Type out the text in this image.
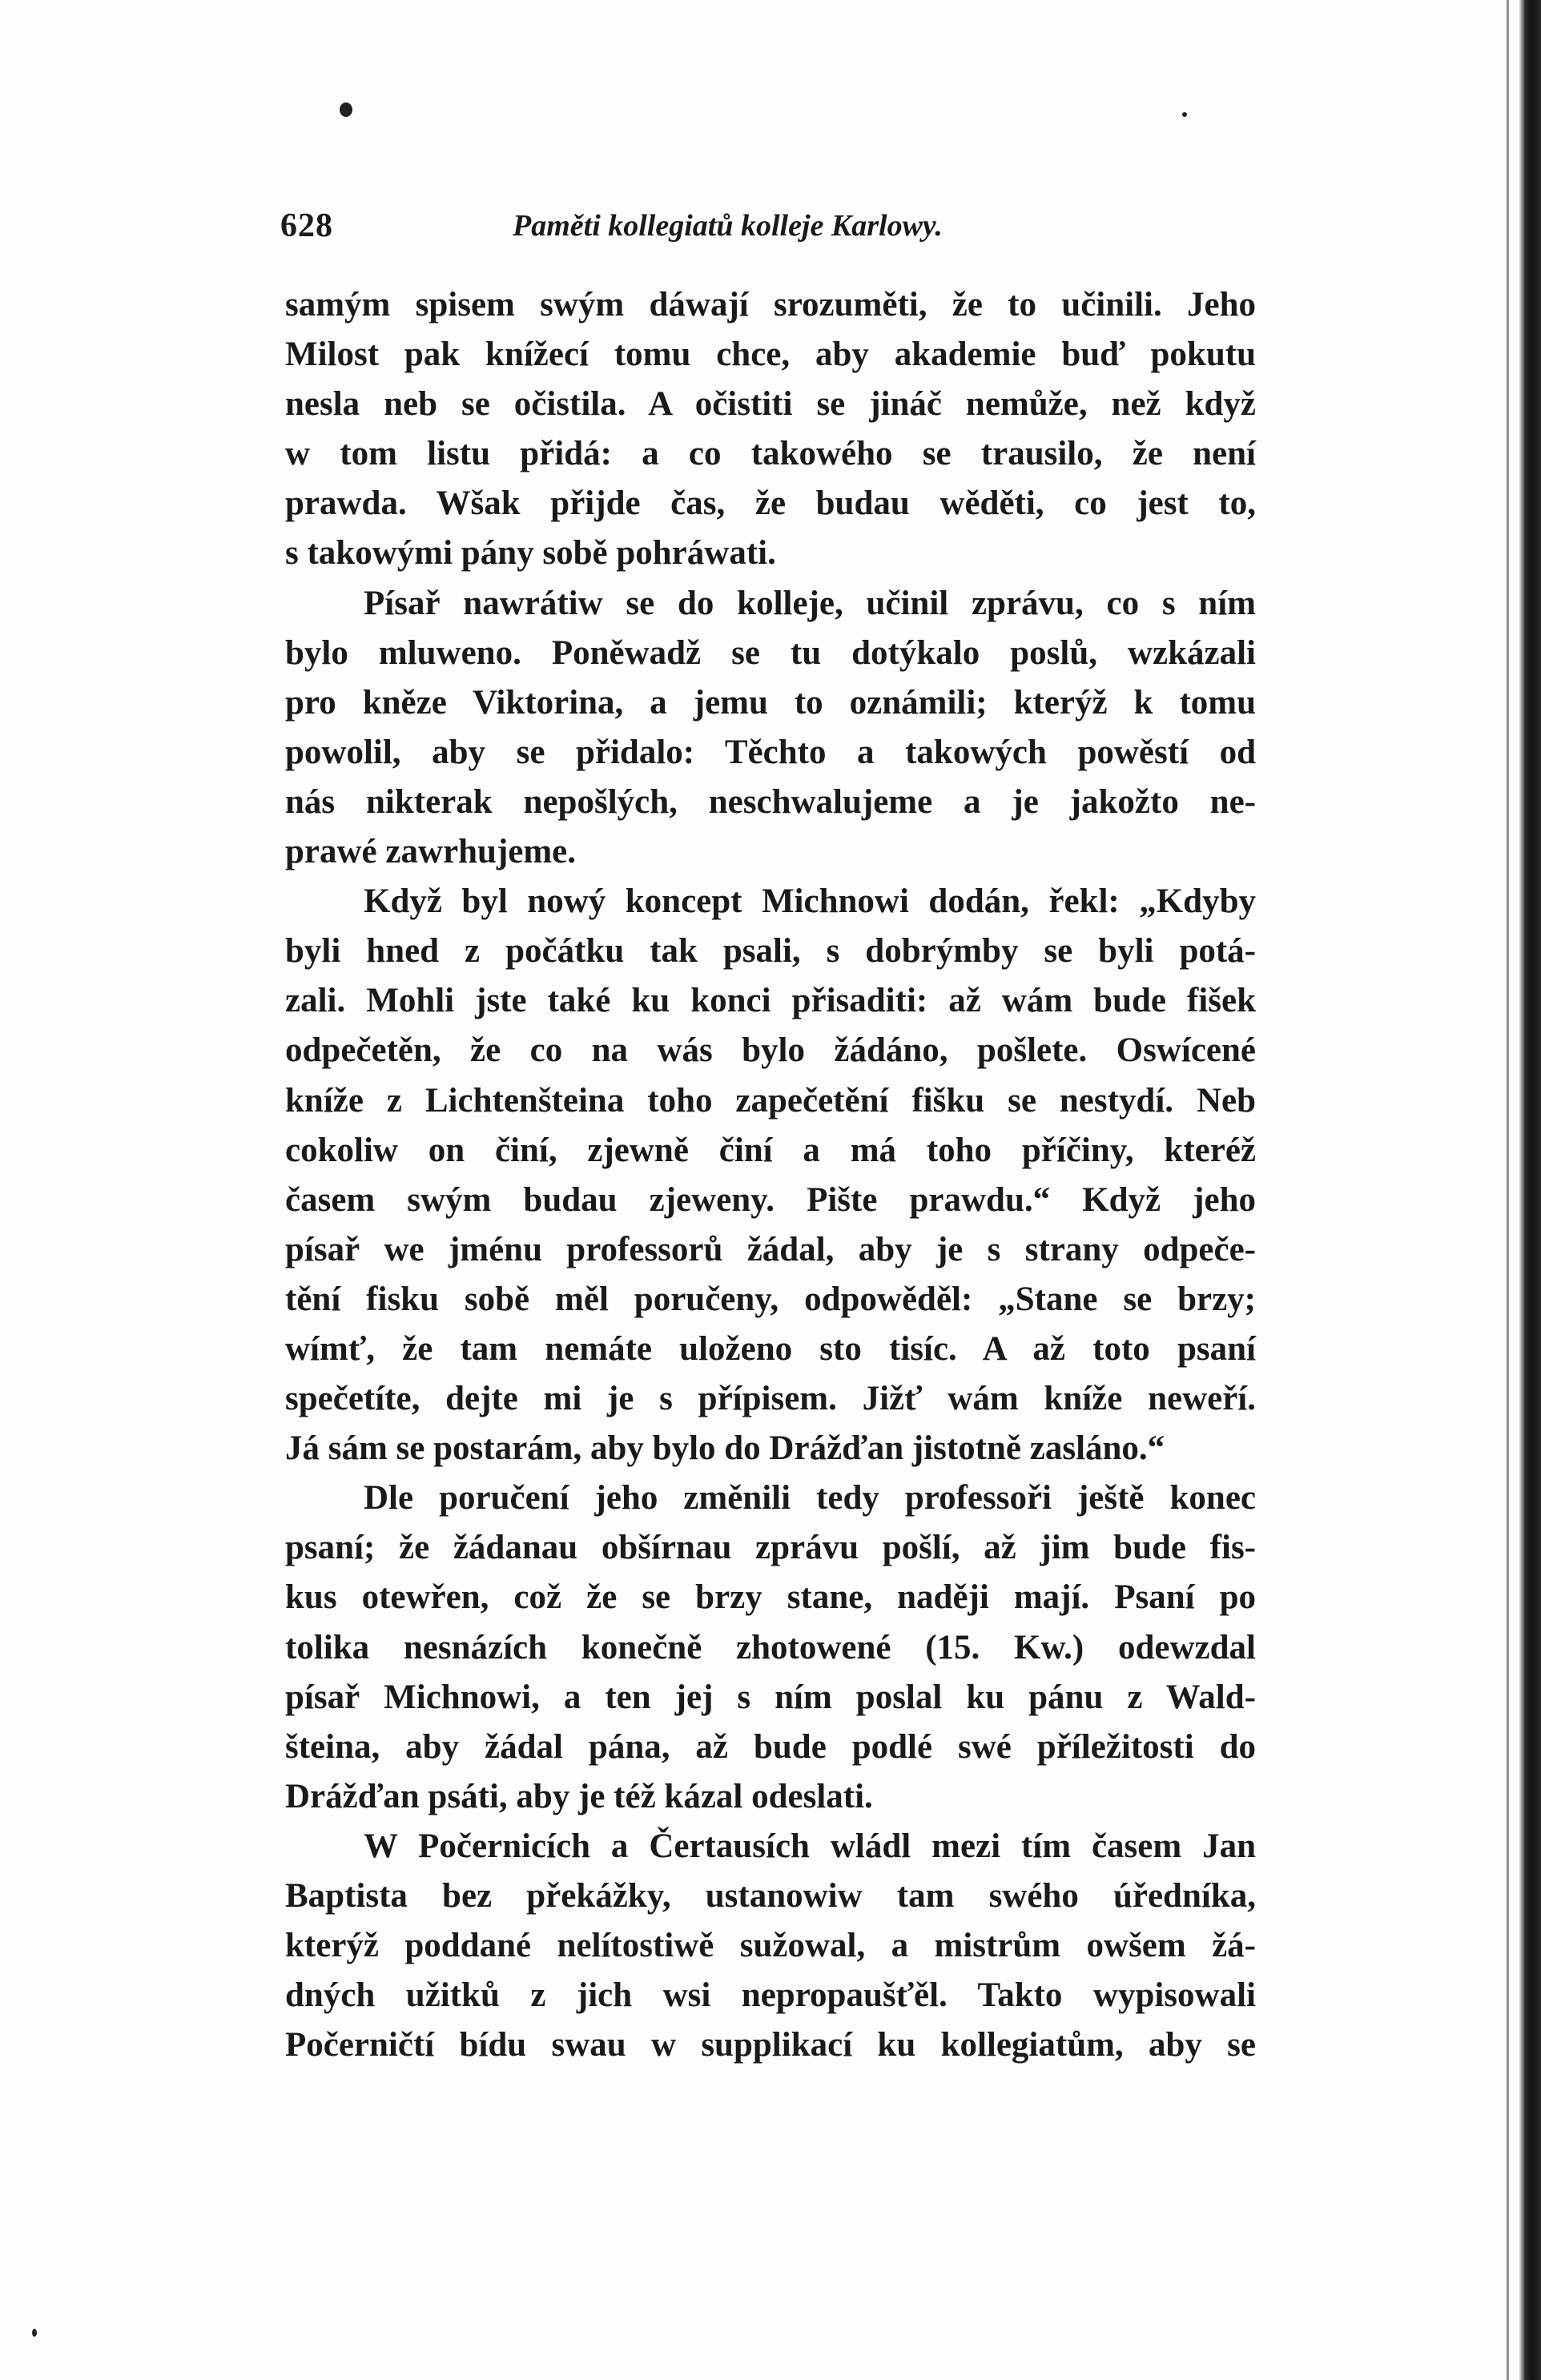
628	Paměti kollegiatů kolleje Karlowy.

samým spisem swým dáwají srozuměti, že to učinili. Jeho
Milost pak knížecí tomu chce, aby akademie buď pokutu
nesla neb se očistila. A očistiti se jináč nemůže, než když
w tom listu přidá: a co takowého se trausilo, že není
prawda. Wšak přijde čas, že budau wěděti, co jest to,
s takowými pány sobě pohráwati.

Písař nawrátiw se do kolleje, učinil zprávu, co s ním
bylo mluweno. Poněwadž se tu dotýkalo poslů, wzkázali
pro kněze Viktorina, a jemu to oznámili; kterýž k tomu
powolil, aby se přidalo: Těchto a takowých powěstí od
nás nikterak nepošlých, neschwalujeme a je jakožto ne-
prawé zawrhujeme.

Když byl nowý koncept Michnowi dodán, řekl: „Kdyby
byli hned z počátku tak psali, s dobrýmby se byli potá-
zali. Mohli jste také ku konci přisaditi: až wám bude fišek
odpečetěn, že co na wás bylo žádáno, pošlete. Oswícené
kníže z Lichtenšteina toho zapečetění fišku se nestydí. Neb
cokoliw on činí, zjewně činí a má toho příčiny, kteréž
časem swým budau zjeweny. Pište prawdu.“ Když jeho
písař we jménu professorů žádal, aby je s strany odpeče-
tění fisku sobě měl poručeny, odpowěděl: „Stane se brzy;
wímť, že tam nemáte uloženo sto tisíc. A až toto psaní
spečetíte, dejte mi je s přípisem. Jižť wám kníže neweří.
Já sám se postarám, aby bylo do Drážďan jistotně zasláno.“

Dle poručení jeho změnili tedy professoři ještě konec
psaní; že žádanau obšírnau zprávu pošlí, až jim bude fis-
kus otewřen, což že se brzy stane, naději mají. Psaní po
tolika nesnázích konečně zhotowené (15. Kw.) odewzdal
písař Michnowi, a ten jej s ním poslal ku pánu z Wald-
šteina, aby žádal pána, až bude podlé swé příležitosti do
Drážďan psáti, aby je též kázal odeslati.

W Počernicích a Čertausích wládl mezi tím časem Jan
Baptista bez překážky, ustanowiw tam swého úředníka,
kterýž poddané nelítostiwě sužowal, a mistrům owšem žá-
dných užitků z jich wsi nepropaušťěl. Takto wypisowali
Počerničtí bídu swau w supplikací ku kollegiatům, aby se
